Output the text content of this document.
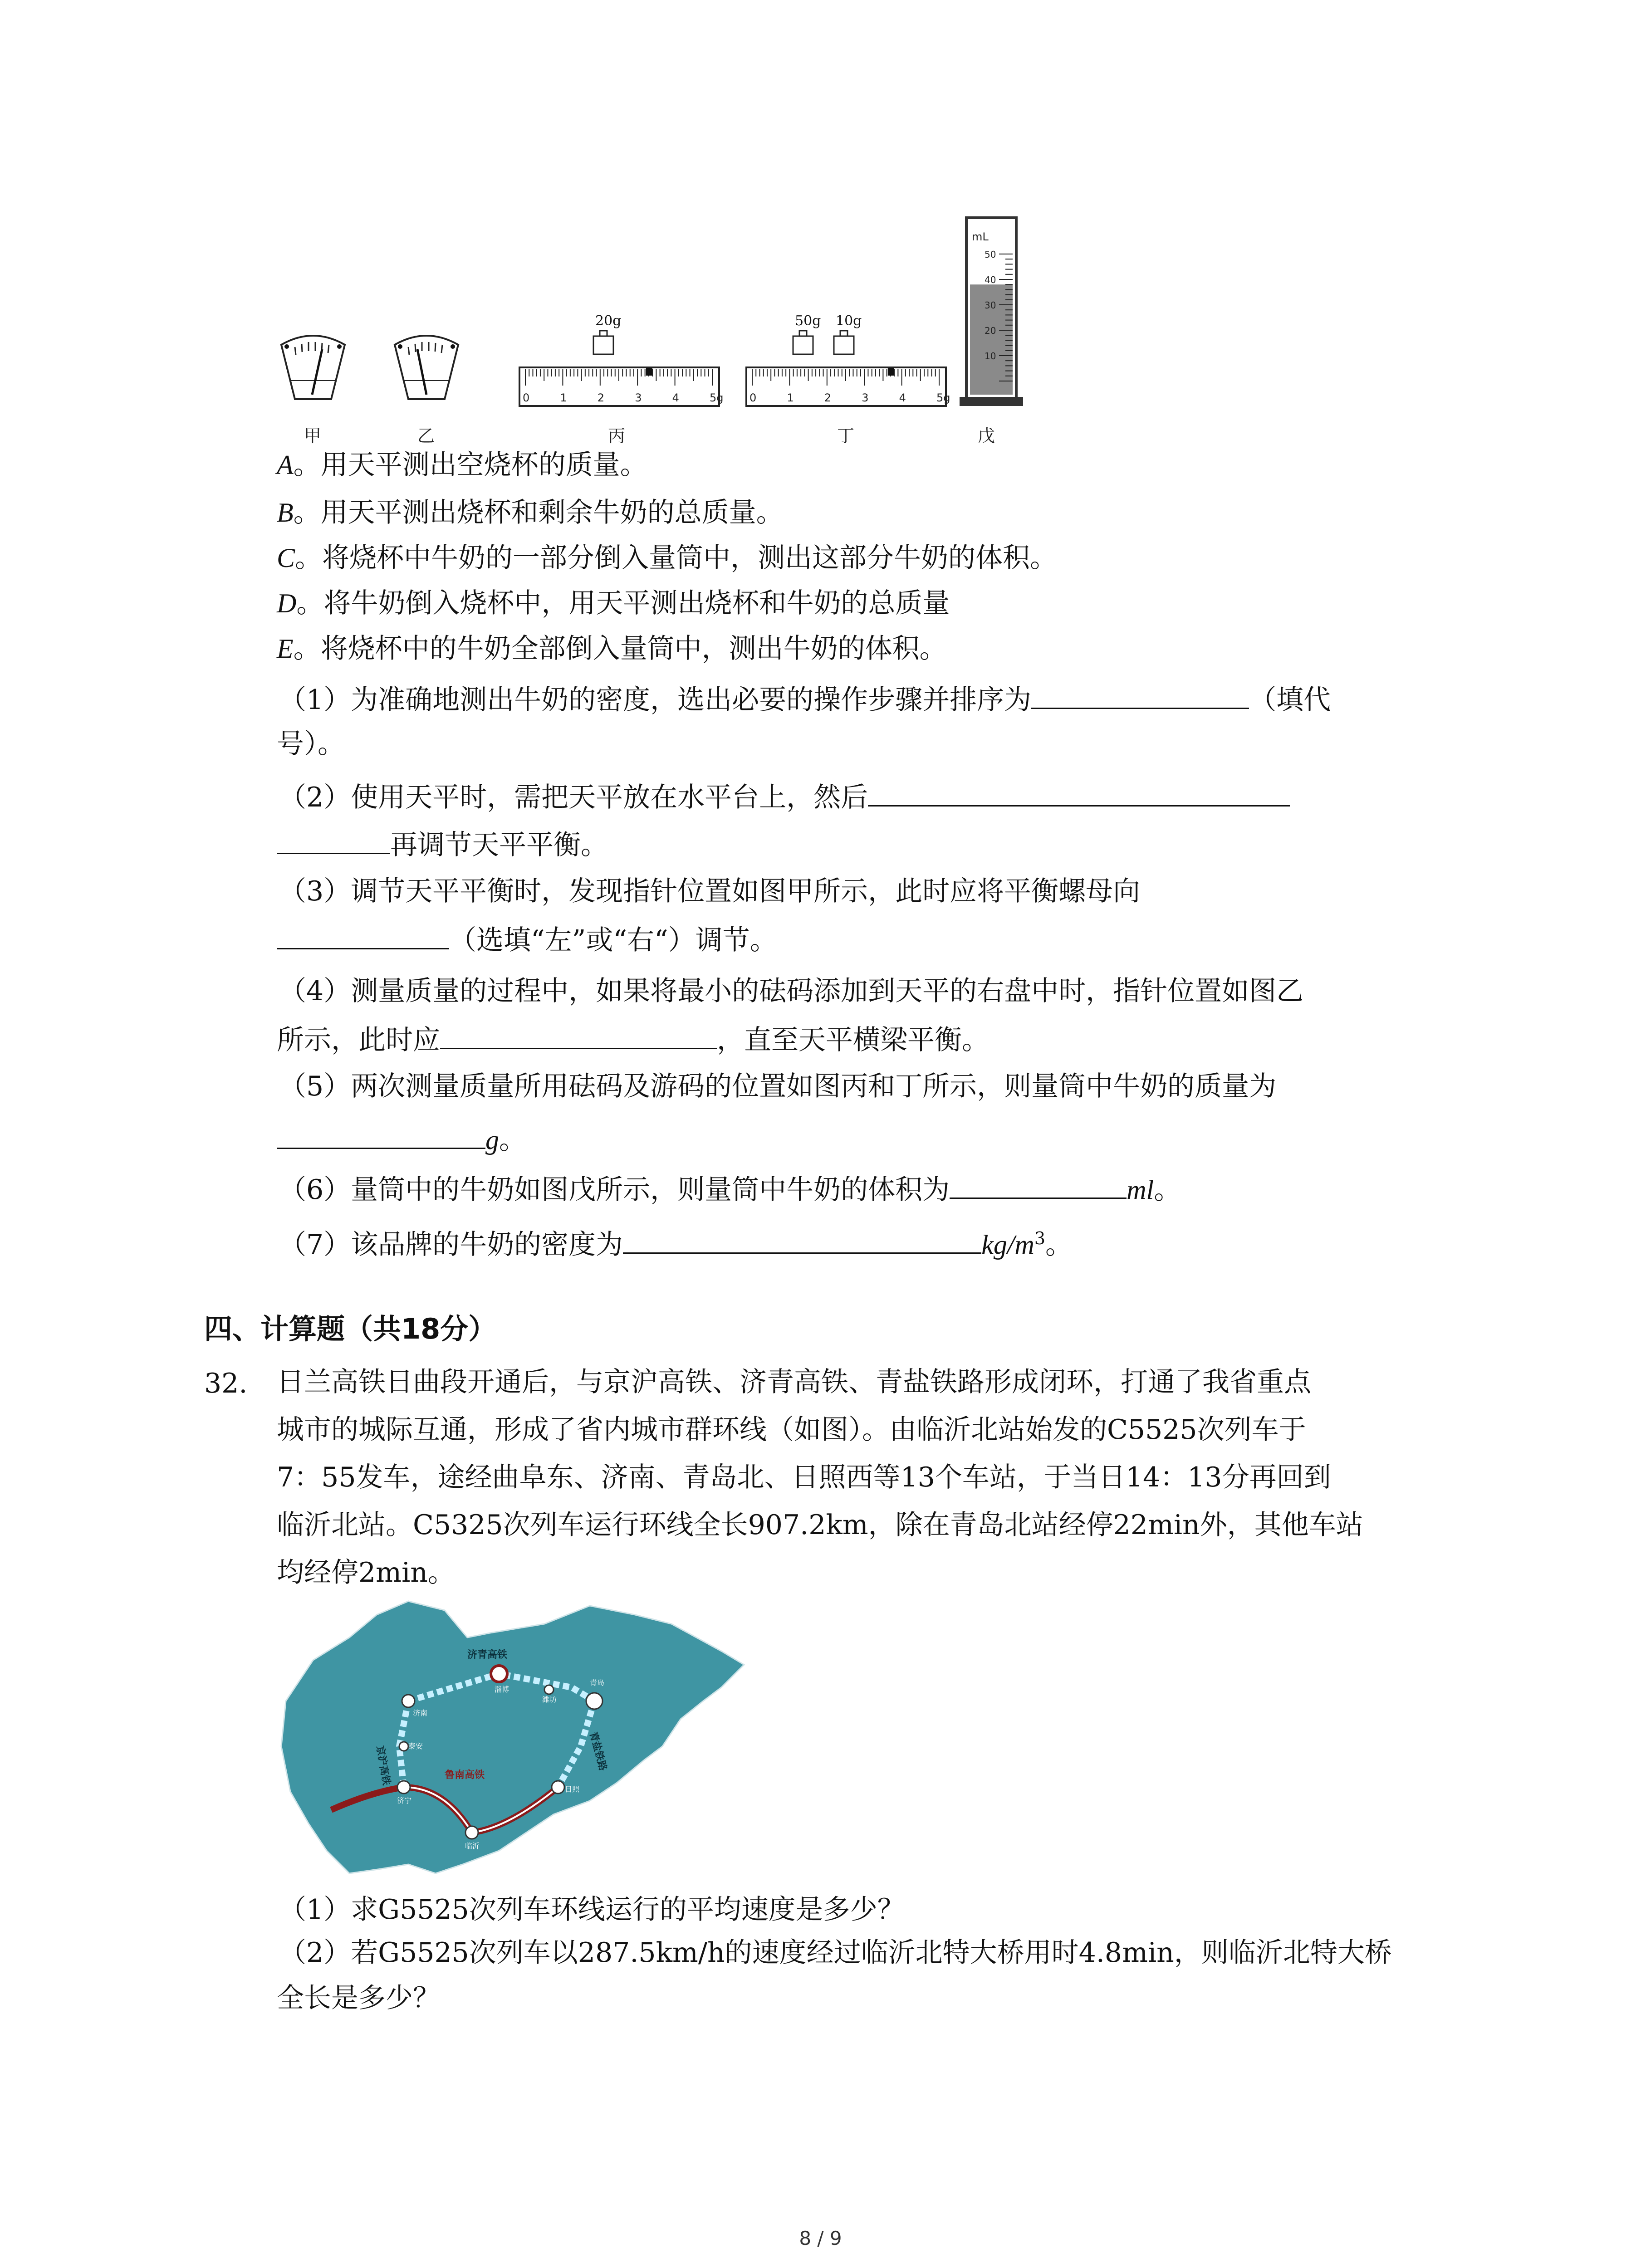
甲	乙
0	1	2	3	4	5g
20g
丙
0	1	2	3	4	5g
50g 10g
丁
mL
50
40
30
20
10
戊
A。用天平测出空烧杯的质量。
B。用天平测出烧杯和剩余牛奶的总质量。
C。将烧杯中牛奶的一部分倒入量筒中，测出这部分牛奶的体积。
D。将牛奶倒入烧杯中，用天平测出烧杯和牛奶的总质量
E。将烧杯中的牛奶全部倒入量筒中，测出牛奶的体积。
（1）为准确地测出牛奶的密度，选出必要的操作步骤并排序为	（填代
号）。
（2）使用天平时，需把天平放在水平台上，然后
再调节天平平衡。
（3）调节天平平衡时，发现指针位置如图甲所示，此时应将平衡螺母向
（选填“左”或“右“）调节。
（4）测量质量的过程中，如果将最小的砝码添加到天平的右盘中时，指针位置如图乙
所示，此时应	，直至天平横梁平衡。
（5）两次测量质量所用砝码及游码的位置如图丙和丁所示，则量筒中牛奶的质量为
g。
（6）量筒中的牛奶如图戊所示，则量筒中牛奶的体积为	ml。
（7）该品牌的牛奶的密度为	$kg/m^3$。
四、计算题（共18分）
32. 日兰高铁日曲段开通后，与京沪高铁、济青高铁、青盐铁路形成闭环，打通了我省重点
城市的城际互通，形成了省内城市群环线（如图）。由临沂北站始发的C5525次列车于
7：55发车，途经曲阜东、济南、青岛北、日照西等13个车站，于当日14：13分再回到
临沂北站。C5325次列车运行环线全长907.2km，除在青岛北站经停22min外，其他车站
均经停2min。
济青高铁
京沪高铁	青盐铁路
鲁南高铁
济南
淄博
潍坊
青岛
泰安
济宁
临沂
日照
（1）求G5525次列车环线运行的平均速度是多少？
（2）若G5525次列车以287.5km/h的速度经过临沂北特大桥用时4.8min，则临沂北特大桥
全长是多少？
8 / 9
